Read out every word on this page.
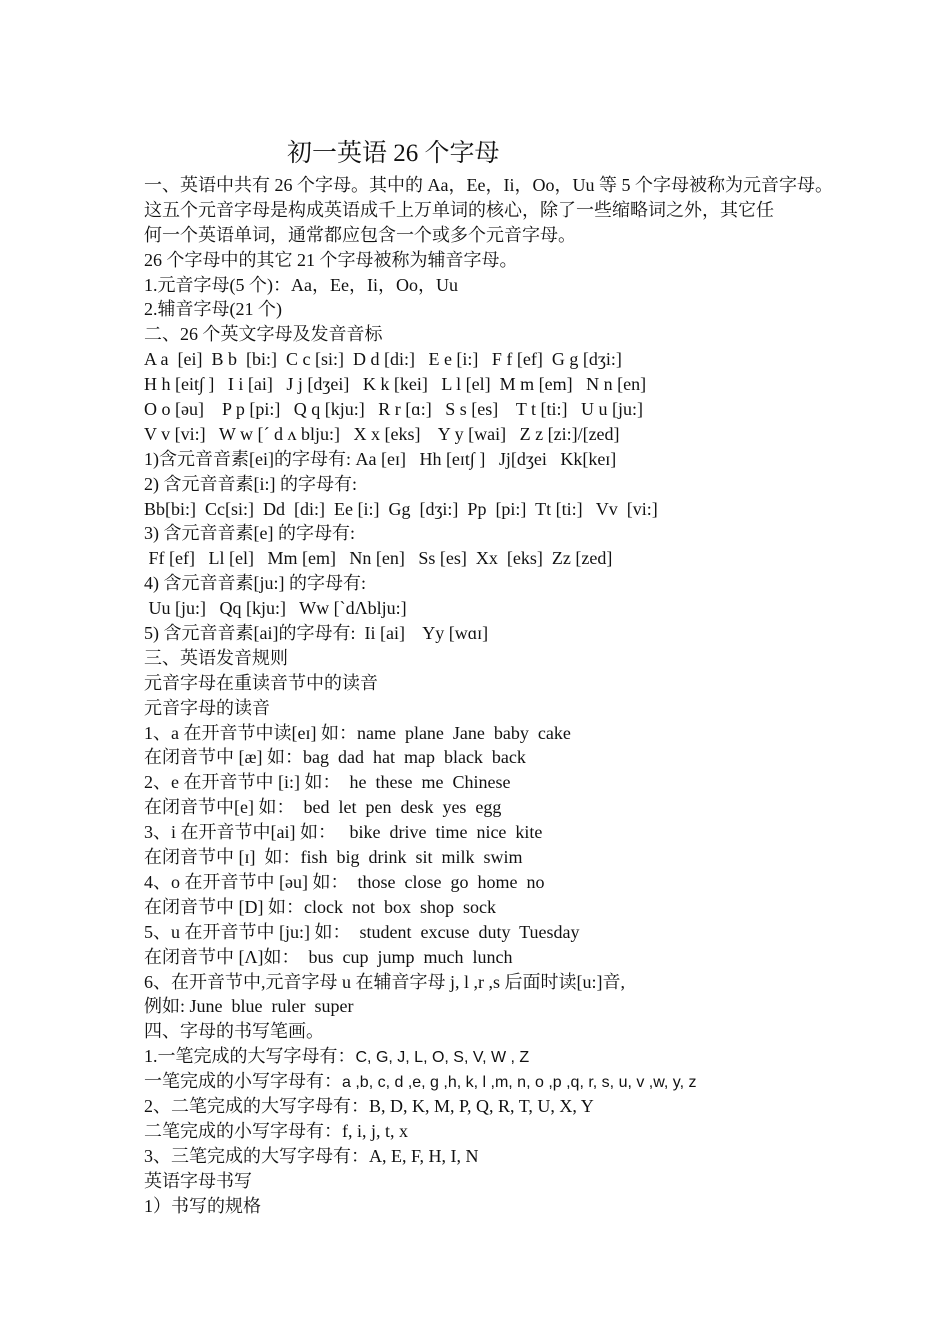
初一英语 26 个字母
一、英语中共有 26 个字母。其中的 Aa，Ee，Ii，Oo，Uu 等 5 个字母被称为元音字母。
这五个元音字母是构成英语成千上万单词的核心，除了一些缩略词之外，其它任
何一个英语单词，通常都应包含一个或多个元音字母。
26 个字母中的其它 21 个字母被称为辅音字母。
1.元音字母(5 个)：Aa，Ee，Ii，Oo，Uu
2.辅音字母(21 个)
二、26 个英文字母及发音音标
A a  [ei]  B b  [bi:]  C c [si:]  D d [di:]   E e [i:]   F f [ef]  G g [dʒi:]
H h [eit∫ ]   I i [ai]   J j [dʒei]   K k [kei]   L l [el]  M m [em]   N n [en]
O o [əu]    P p [pi:]   Q q [kju:]   R r [ɑ:]   S s [es]    T t [ti:]   U u [ju:]
V v [vi:]   W w [ˊ d ʌ blju:]   X x [eks]    Y y [wai]   Z z [zi:]/[zed]
1)含元音音素[ei]的字母有: Aa [eɪ]   Hh [eɪt∫ ]   Jj[dʒei   Kk[keɪ]
2) 含元音音素[i:] 的字母有:
Bb[bi:]  Cc[si:]  Dd  [di:]  Ee [i:]  Gg  [dʒi:]  Pp  [pi:]  Tt [ti:]   Vv  [vi:]
3) 含元音音素[e] 的字母有:
Ff [ef]   Ll [el]   Mm [em]   Nn [en]   Ss [es]  Xx  [eks]  Zz [zed]
4) 含元音音素[ju:] 的字母有:
Uu [ju:]   Qq [kju:]   Ww [`dΛblju:]
5) 含元音音素[ai]的字母有:  Ii [ai]    Yy [wɑɪ]
三、英语发音规则
元音字母在重读音节中的读音
元音字母的读音
1、a 在开音节中读[eɪ] 如：name  plane  Jane  baby  cake
在闭音节中 [æ] 如：bag  dad  hat  map  black  back
2、e 在开音节中 [i:] 如：  he  these  me  Chinese
在闭音节中[e] 如：  bed  let  pen  desk  yes  egg
3、i 在开音节中[ai] 如：   bike  drive  time  nice  kite
在闭音节中 [ɪ]  如：fish  big  drink  sit  milk  swim
4、o 在开音节中 [əu] 如：  those  close  go  home  no
在闭音节中 [D] 如：clock  not  box  shop  sock
5、u 在开音节中 [ju:] 如：  student  excuse  duty  Tuesday
在闭音节中 [Λ]如：  bus  cup  jump  much  lunch
6、在开音节中,元音字母 u 在辅音字母 j, l ,r ,s 后面时读[u:]音,
例如: June  blue  ruler  super
四、字母的书写笔画。
1.一笔完成的大写字母有：C, G, J, L, O, S, V, W , Z
一笔完成的小写字母有：a ,b, c, d ,e, g ,h, k, l ,m, n, o ,p ,q, r, s, u, v ,w, y, z
2、二笔完成的大写字母有：B, D, K, M, P, Q, R, T, U, X, Y
二笔完成的小写字母有：f, i, j, t, x
3、三笔完成的大写字母有：A, E, F, H, I, N
英语字母书写
1）书写的规格
